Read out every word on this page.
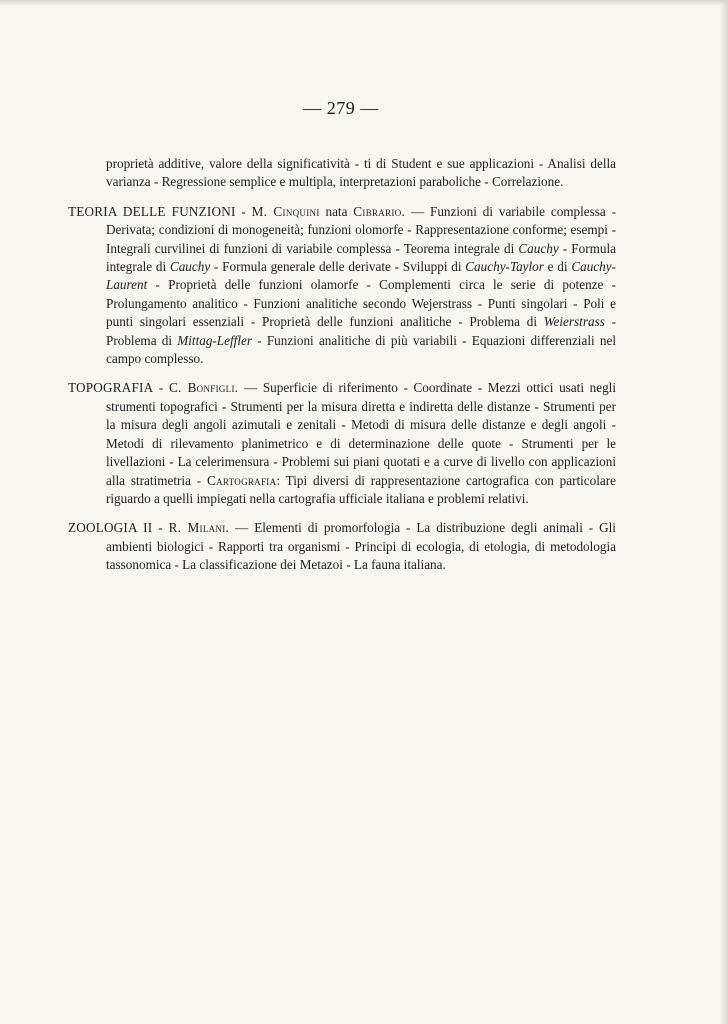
— 279 —

proprietà additive, valore della significatività - ti di Student e sue applicazioni - Analisi della varianza - Regressione semplice e multipla, interpretazioni paraboliche - Correlazione.

TEORIA DELLE FUNZIONI - M. Cinquini nata Cibrario. — Funzioni di variabile complessa - Derivata; condizioni di monogeneità; funzioni olomorfe - Rappresentazione conforme; esempi - Integrali curvilinei di funzioni di variabile complessa - Teorema integrale di Cauchy - Formula integrale di Cauchy - Formula generale delle derivate - Sviluppi di Cauchy-Taylor e di Cauchy-Laurent - Proprietà delle funzioni olamorfe - Complementi circa le serie di potenze - Prolungamento analitico - Funzioni analitiche secondo Wejerstrass - Punti singolari - Poli e punti singolari essenziali - Proprietà delle funzioni analitiche - Problema di Weierstrass - Problema di Mittag-Leffler - Funzioni analitiche di più variabili - Equazioni differenziali nel campo complesso.

TOPOGRAFIA - C. Bonfigli. — Superficie di riferimento - Coordinate - Mezzi ottici usati negli strumenti topografici - Strumenti per la misura diretta e indiretta delle distanze - Strumenti per la misura degli angoli azimutali e zenitali - Metodi di misura delle distanze e degli angoli - Metodi di rilevamento planimetrico e di determinazione delle quote - Strumenti per le livellazioni - La celerimensura - Problemi sui piani quotati e a curve di livello con applicazioni alla stratimetria - Cartografia: Tipi diversi di rappresentazione cartografica con particolare riguardo a quelli impiegati nella cartografia ufficiale italiana e problemi relativi.

ZOOLOGIA II - R. Milani. — Elementi di promorfologia - La distribuzione degli animali - Gli ambienti biologici - Rapporti tra organismi - Principi di ecologia, di etologia, di metodologia tassonomica - La classificazione dei Metazoi - La fauna italiana.
